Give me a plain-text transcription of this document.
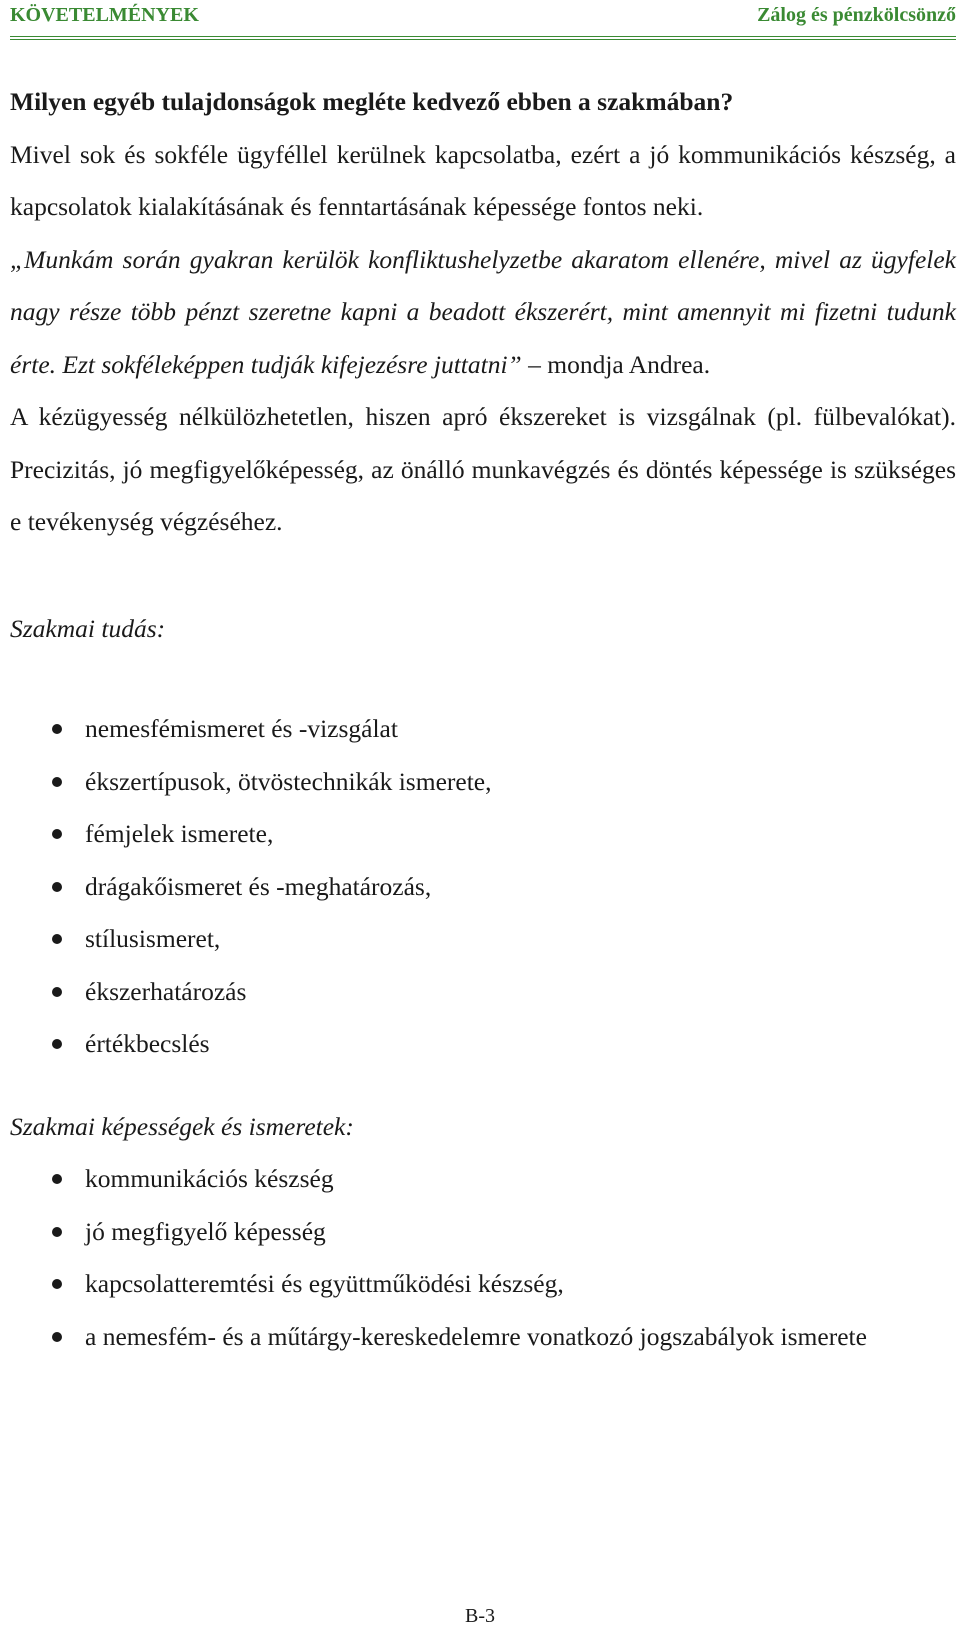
KÖVETELMÉNYEK	Zálog és pénzkölcsönző

Milyen egyéb tulajdonságok megléte kedvező ebben a szakmában?

Mivel sok és sokféle ügyféllel kerülnek kapcsolatba, ezért a jó kommunikációs készség, a kapcsolatok kialakításának és fenntartásának képessége fontos neki.

„Munkám során gyakran kerülök konfliktushelyzetbe akaratom ellenére, mivel az ügyfelek nagy része több pénzt szeretne kapni a beadott ékszerért, mint amennyit mi fizetni tudunk érte. Ezt sokféleképpen tudják kifejezésre juttatni” – mondja Andrea.

A kézügyesség nélkülözhetetlen, hiszen apró ékszereket is vizsgálnak (pl. fülbevalókat). Precizitás, jó megfigyelőképesség, az önálló munkavégzés és döntés képessége is szükséges e tevékenység végzéséhez.

Szakmai tudás:

nemesfémismeret és -vizsgálat
ékszertípusok, ötvöstechnikák ismerete,
fémjelek ismerete,
drágakőismeret és -meghatározás,
stílusismeret,
ékszerhatározás
értékbecslés

Szakmai képességek és ismeretek:

kommunikációs készség
jó megfigyelő képesség
kapcsolatteremtési és együttműködési készség,
a nemesfém- és a műtárgy-kereskedelemre vonatkozó jogszabályok ismerete
B-3
